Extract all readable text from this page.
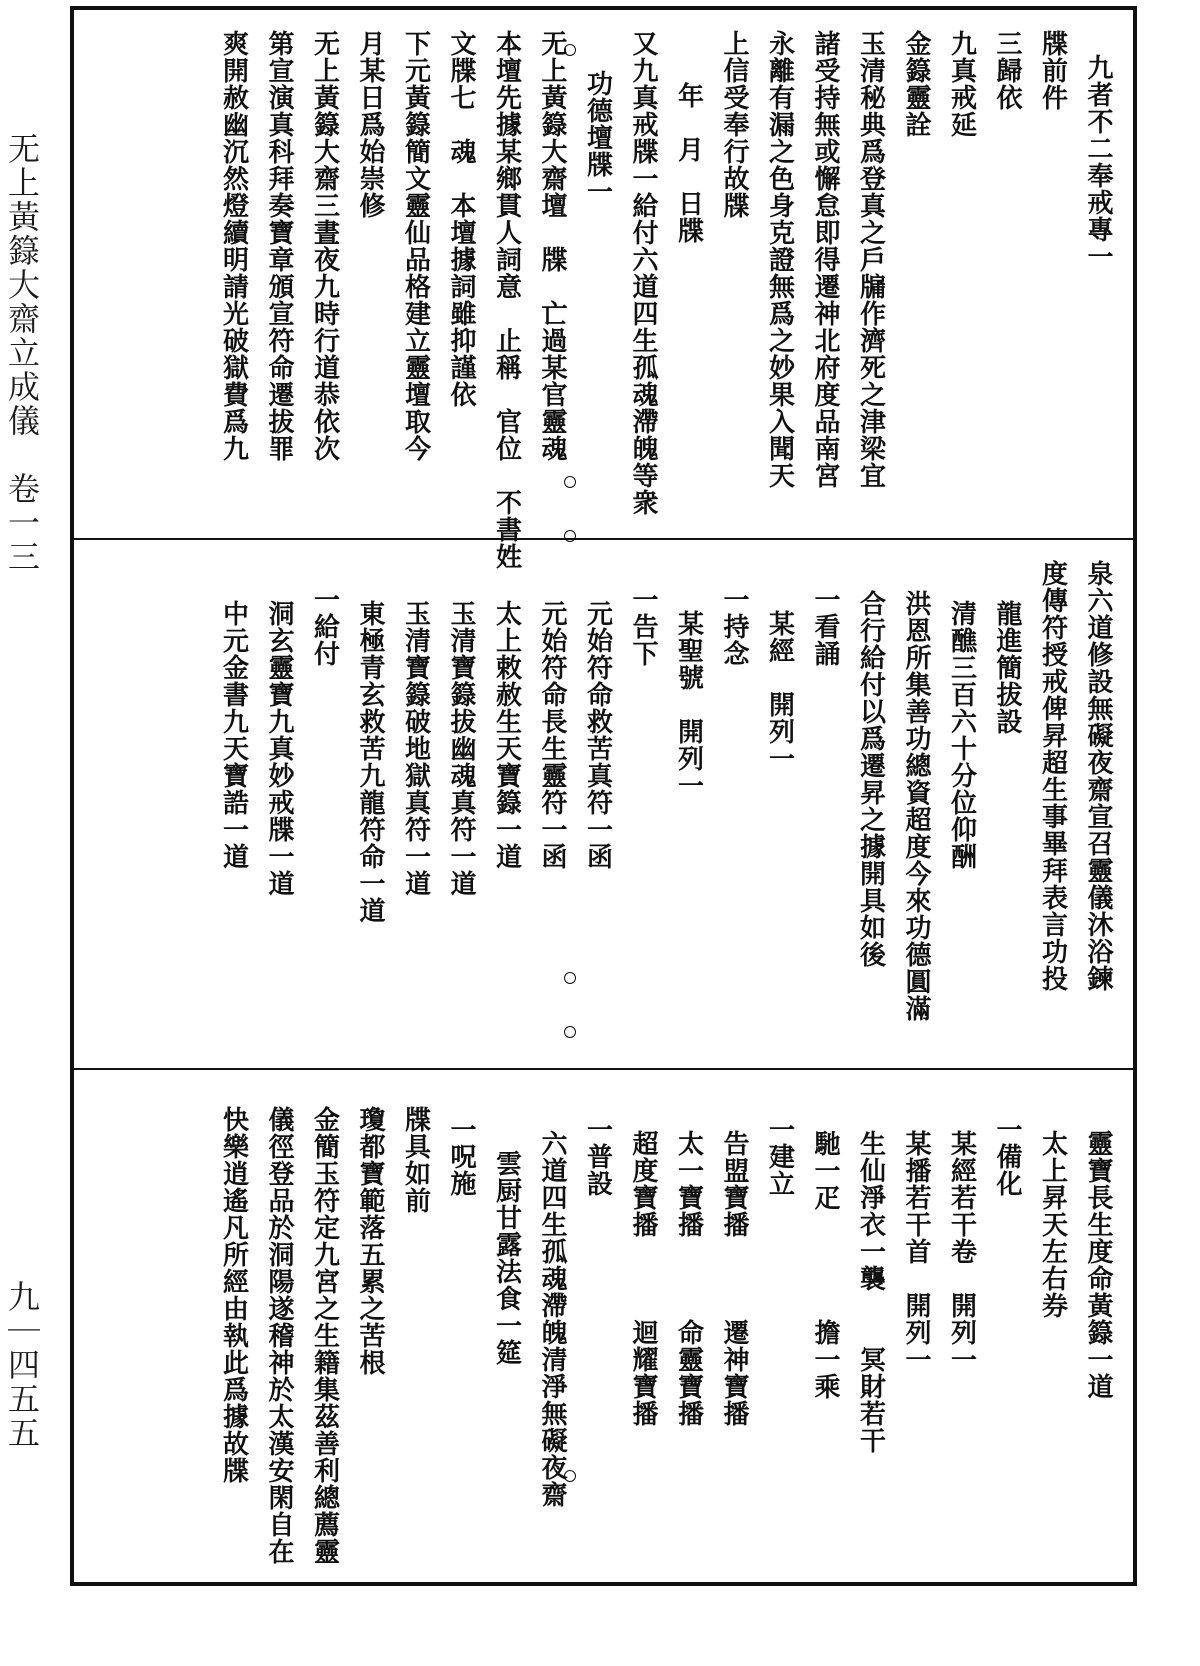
无上黃籙大齋立成儀　卷一三
九｜四五五
九者不二奉戒專一
牒前件
三歸依
九真戒延
金籙靈詮
玉清秘典爲登真之戶牖作濟死之津梁宜
諸受持無或懈怠即得遷神北府度品南宮
永離有漏之色身克證無爲之妙果入聞天
上信受奉行故牒
年　月　日牒
又九真戒牒一給付六道四生孤魂滯魄等衆
功德壇牒一
无上黃籙大齋壇　牒　亡過某官靈魂
本壇先據某鄉貫人詞意　止稱　官位　不書姓
文牒七　魂　本壇據詞雖抑謹依
下元黃籙簡文靈仙品格建立靈壇取今
月某日爲始崇修
无上黃籙大齋三晝夜九時行道恭依次
第宣演真科拜奏寶章頒宣符命遷拔罪
爽開赦幽沉然燈續明請光破獄費爲九
泉六道修設無礙夜齋宣召靈儀沐浴鍊
度傳符授戒俾昇超生事畢拜表言功投
龍進簡拔設
清醮三百六十分位仰酬
洪恩所集善功總資超度今來功德圓滿
合行給付以爲遷昇之據開具如後
一看誦
某經　開列一
一持念
某聖號　開列一
一告下
元始符命救苦真符一函
元始符命長生靈符一函
太上敕赦生天寶籙一道
玉清寶籙拔幽魂真符一道
玉清寶籙破地獄真符一道
東極青玄救苦九龍符命一道
一給付
洞玄靈寶九真妙戒牒一道
中元金書九天寶誥一道
靈寶長生度命黃籙一道
太上昇天左右券
一備化
某經若干卷　開列一
某播若干首　開列一
生仙淨衣一襲　　冥財若干
馳一疋　　　　擔一乘
一建立
告盟寶播　　　遷神寶播
太一寶播　　　命靈寶播
超度寶播　　　迴耀寶播
一普設
六道四生孤魂滯魄清淨無礙夜齋
雲厨甘露法食一筵
一呪施
牒具如前
瓊都寶範落五累之苦根
金簡玉符定九宮之生籍集茲善利總薦靈
儀徑登品於洞陽遂稽神於太漢安閑自在
快樂逍遙凡所經由執此爲據故牒
